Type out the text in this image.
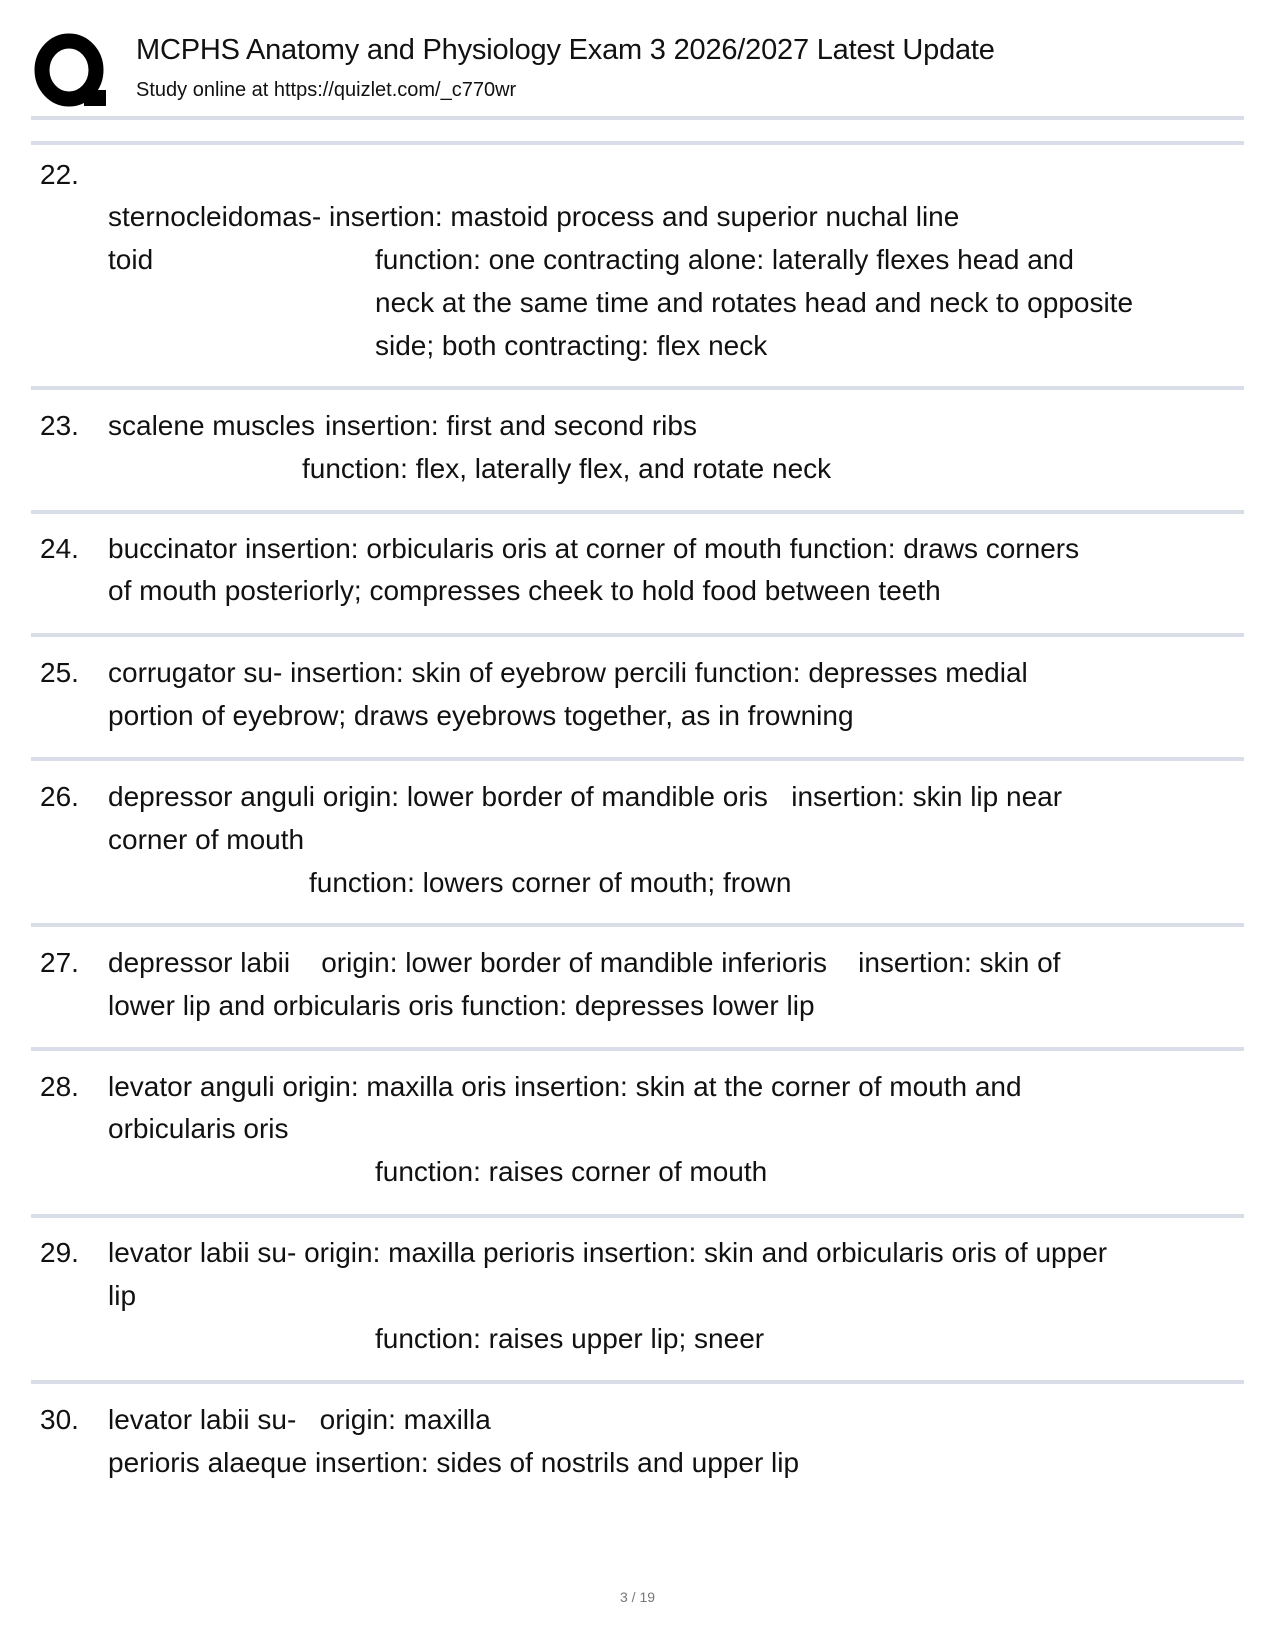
MCPHS Anatomy and Physiology Exam 3 2026/2027 Latest Update
Study online at https://quizlet.com/_c770wr
22.
sternocleidomas- insertion: mastoid process and superior nuchal line
toid	function: one contracting alone: laterally flexes head and
neck at the same time and rotates head and neck to opposite
side; both contracting: flex neck
23. scalene muscles insertion: first and second ribs
function: flex, laterally flex, and rotate neck
24. buccinator insertion: orbicularis oris at corner of mouth function: draws corners
of mouth posteriorly; compresses cheek to hold food between teeth
25. corrugator su- insertion: skin of eyebrow percili function: depresses medial
portion of eyebrow; draws eyebrows together, as in frowning
26. depressor anguli origin: lower border of mandible oris   insertion: skin lip near
corner of mouth
function: lowers corner of mouth; frown
27. depressor labii    origin: lower border of mandible inferioris    insertion: skin of
lower lip and orbicularis oris function: depresses lower lip
28. levator anguli origin: maxilla oris insertion: skin at the corner of mouth and
orbicularis oris
function: raises corner of mouth
29. levator labii su- origin: maxilla perioris insertion: skin and orbicularis oris of upper
lip
function: raises upper lip; sneer
30. levator labii su-   origin: maxilla
perioris alaeque insertion: sides of nostrils and upper lip
3 / 19
